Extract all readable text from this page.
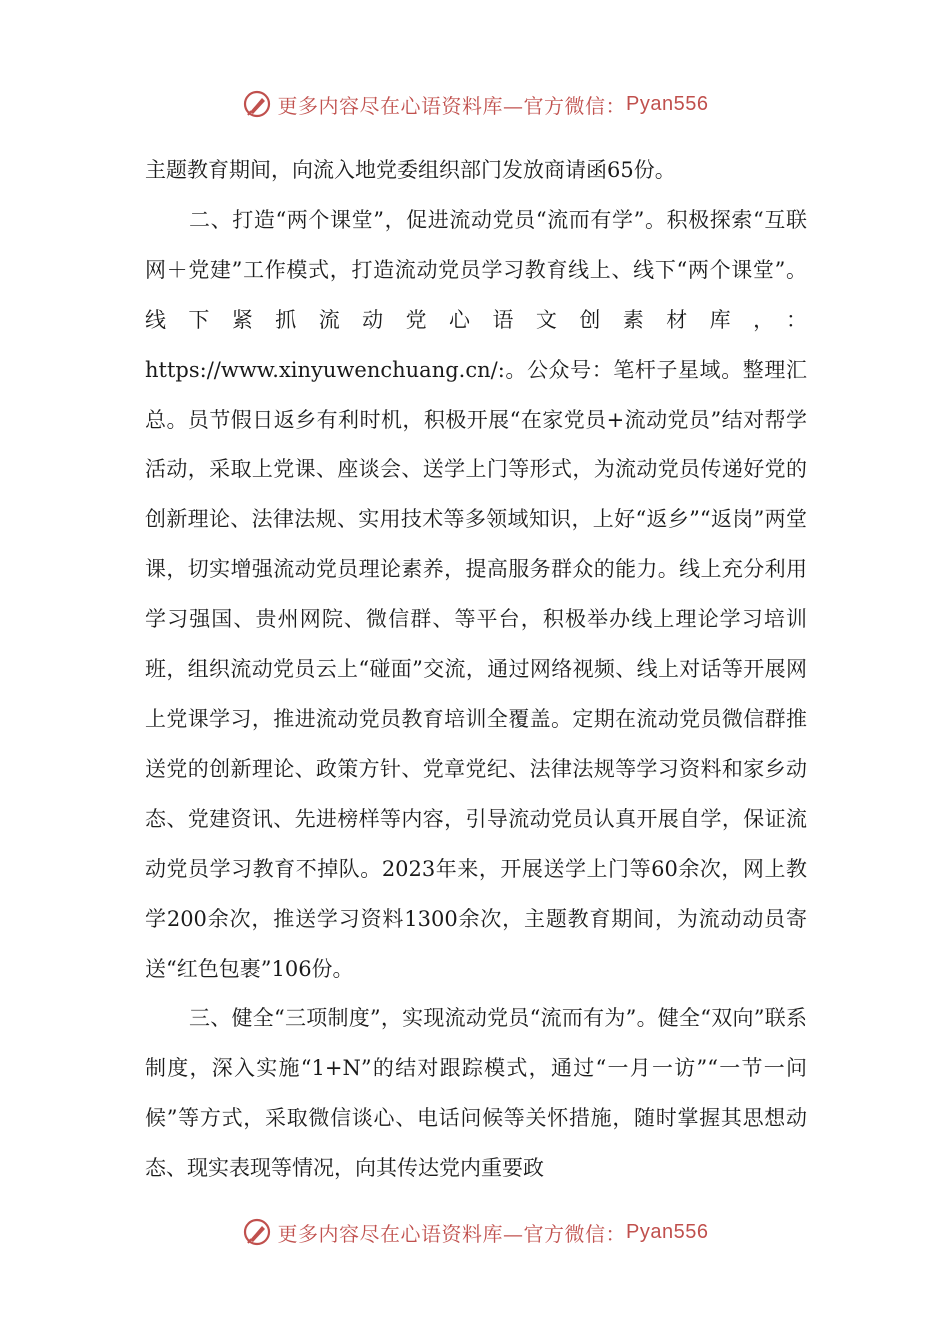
更多内容尽在心语资料库—官方微信： Pyan556

主题教育期间，向流入地党委组织部门发放商请函65份。

二、打造“两个课堂”，促进流动党员“流而有学”。积极探索“互联网＋党建”工作模式，打造流动党员学习教育线上、线下“两个课堂”。线下紧抓流动党心语文创素材库，：https://www.xinyuwenchuang.cn/:。公众号：笔杆子星域。整理汇总。员节假日返乡有利时机，积极开展“在家党员+流动党员”结对帮学活动，采取上党课、座谈会、送学上门等形式，为流动党员传递好党的创新理论、法律法规、实用技术等多领域知识，上好“返乡”“返岗”两堂课，切实增强流动党员理论素养，提高服务群众的能力。线上充分利用学习强国、贵州网院、微信群、等平台，积极举办线上理论学习培训班，组织流动党员云上“碰面”交流，通过网络视频、线上对话等开展网上党课学习，推进流动党员教育培训全覆盖。定期在流动党员微信群推送党的创新理论、政策方针、党章党纪、法律法规等学习资料和家乡动态、党建资讯、先进榜样等内容，引导流动党员认真开展自学，保证流动党员学习教育不掉队。2023年来，开展送学上门等60余次，网上教学200余次，推送学习资料1300余次，主题教育期间，为流动动员寄送“红色包裹”106份。

三、健全“三项制度”，实现流动党员“流而有为”。健全“双向”联系制度，深入实施“1+N”的结对跟踪模式，通过“一月一访”“一节一问候”等方式，采取微信谈心、电话问候等关怀措施，随时掌握其思想动态、现实表现等情况，向其传达党内重要政

更多内容尽在心语资料库—官方微信： Pyan556
